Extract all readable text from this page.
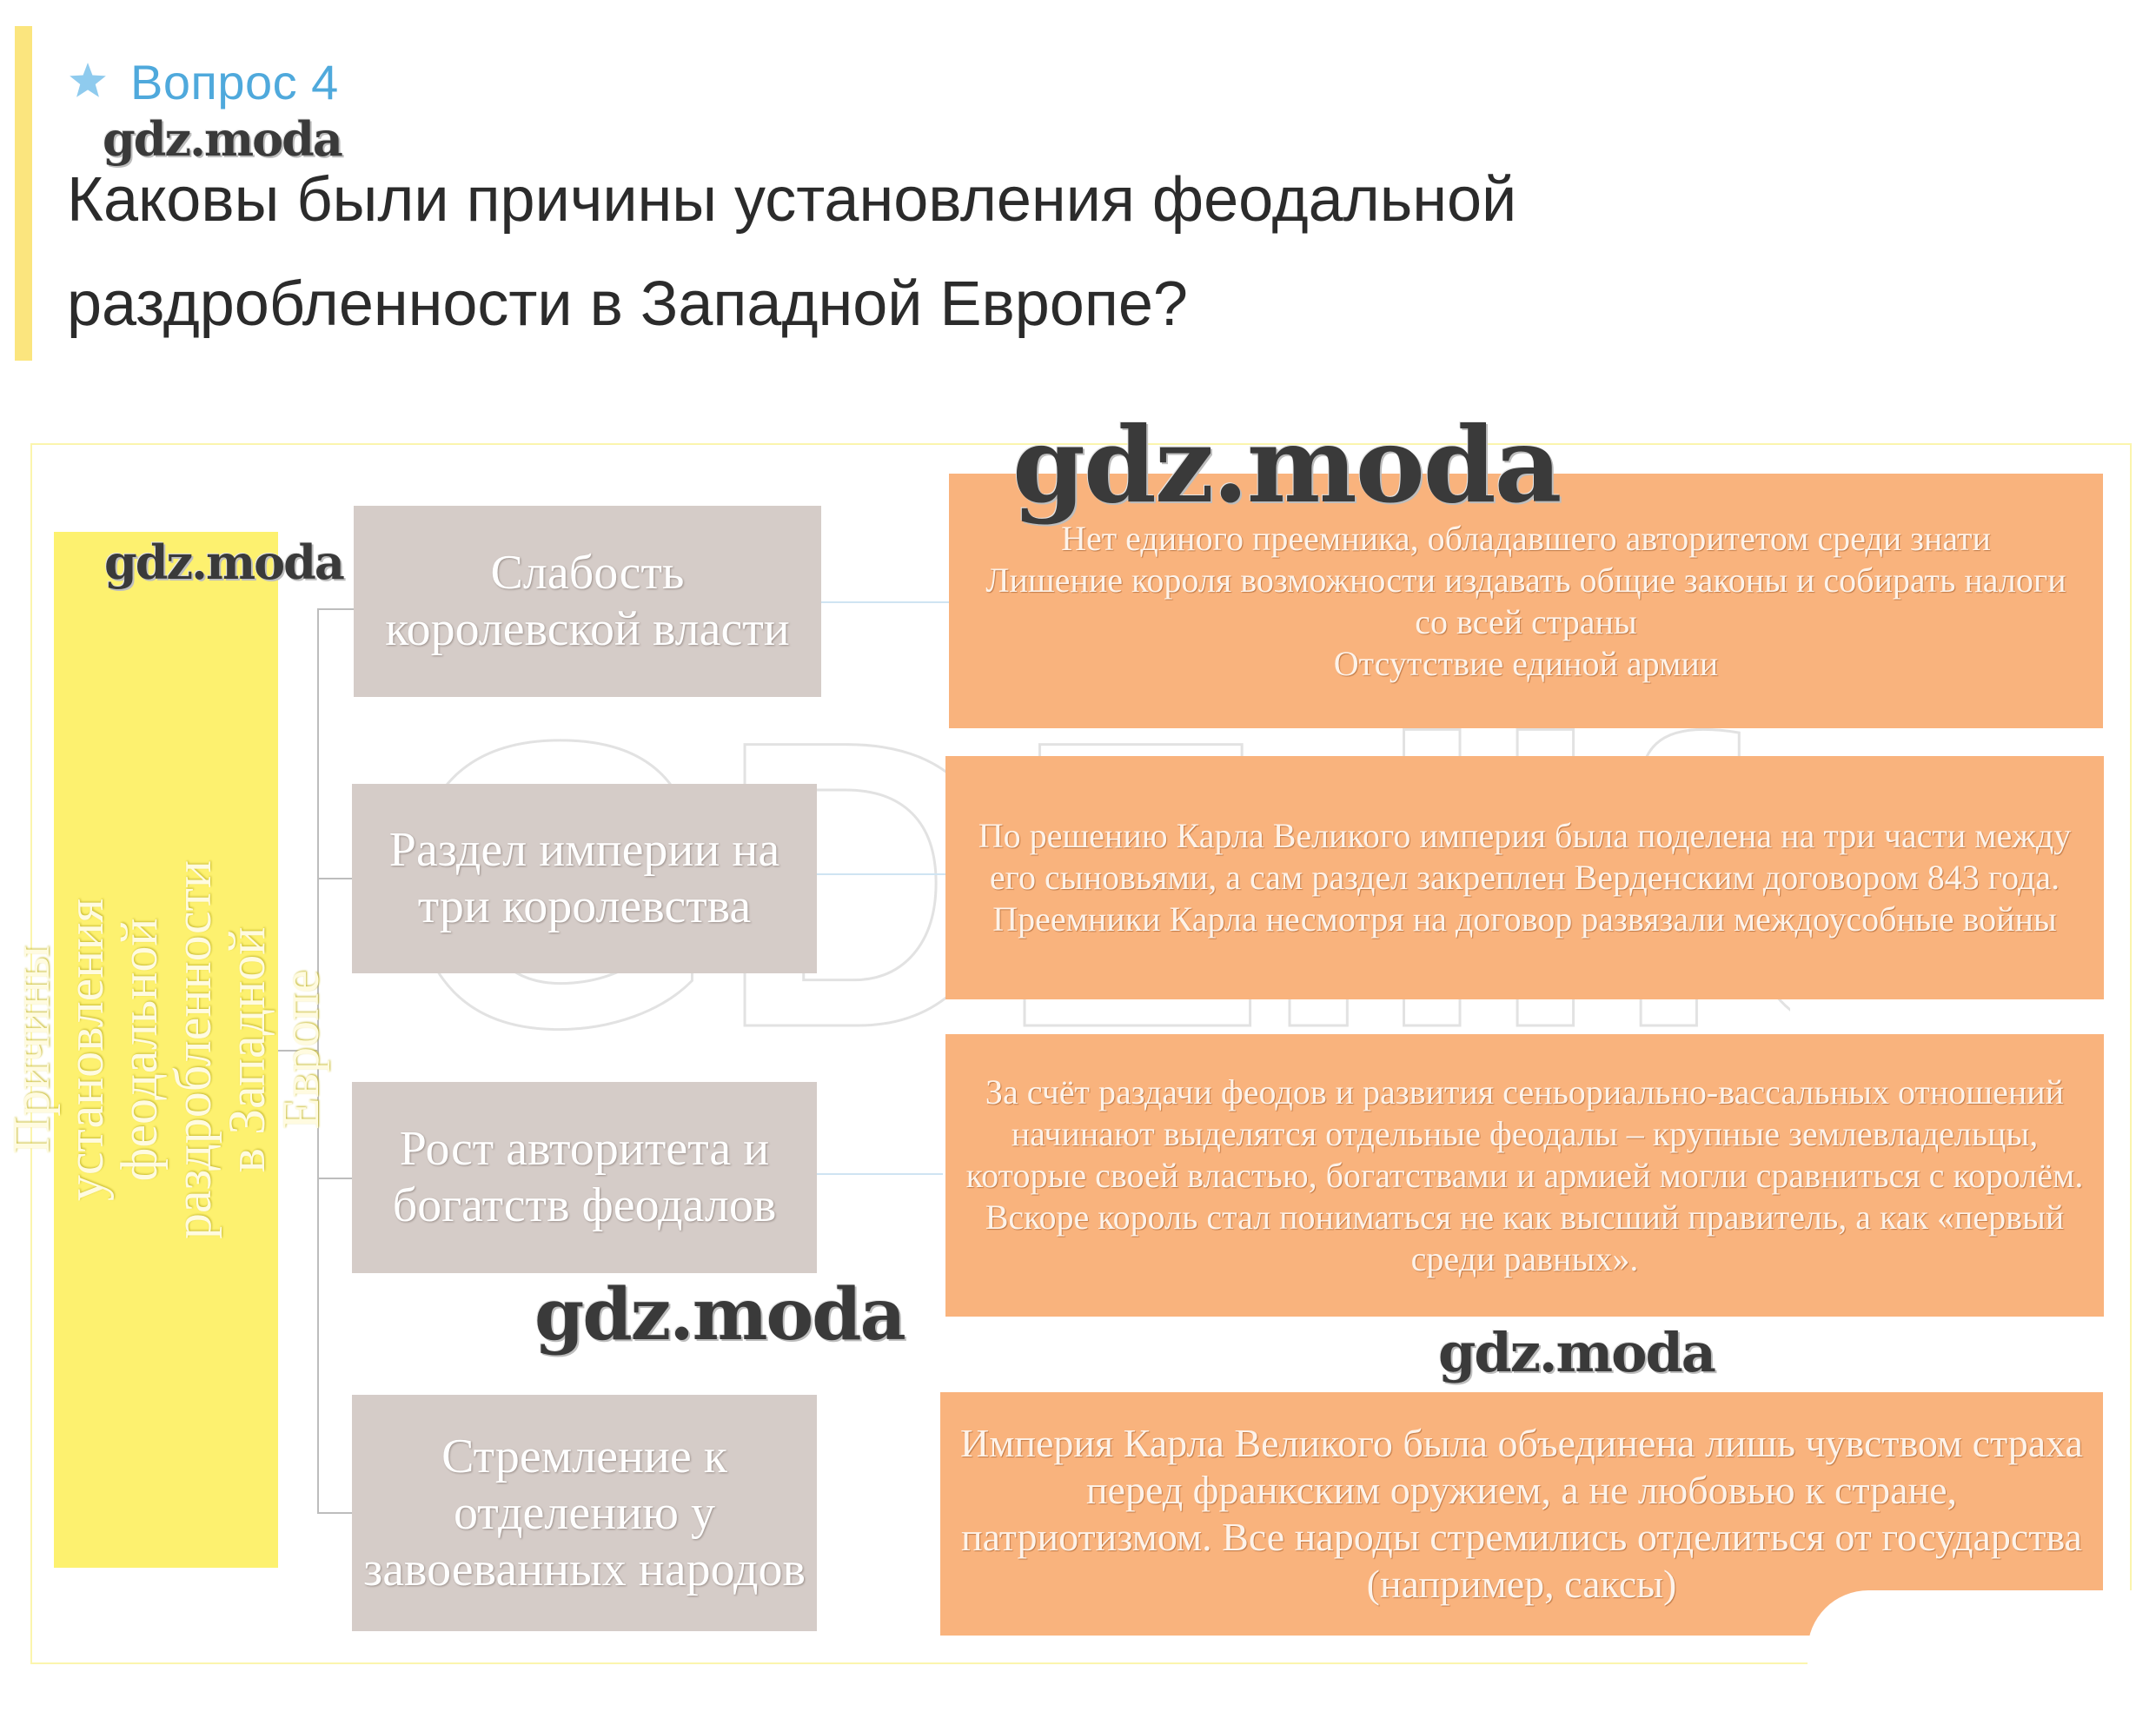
Вопрос 4
gdz.moda
Каковы были причины установления феодальной раздробленности в Западной Европе?
Причины установления феодальной раздробленности в Западной Европе
Слабость королевской власти
Раздел империи на три королевства
Рост авторитета и богатств феодалов
Стремление к отделению у завоеванных народов
Нет единого преемника, обладавшего авторитетом среди знати
Лишение короля возможности издавать общие законы и собирать налоги со всей страны
Отсутствие единой армии
По решению Карла Великого империя была поделена на три части между его сыновьями, а сам раздел закреплен Верденским договором 843 года. Преемники Карла несмотря на договор развязали междоусобные войны
За счёт раздачи феодов и развития сеньориально-вассальных отношений начинают выделятся отдельные феодалы – крупные землевладельцы, которые своей властью, богатствами и армией могли сравниться с королём. Вскоре король стал пониматься не как высший правитель, а как «первый среди равных».
Империя Карла Великого была объединена лишь чувством страха перед франкским оружием, а не любовью к стране, патриотизмом. Все народы стремились отделиться от государства (например, саксы)
gdz.moda
gdz.moda
gdz.moda	gdz.moda
